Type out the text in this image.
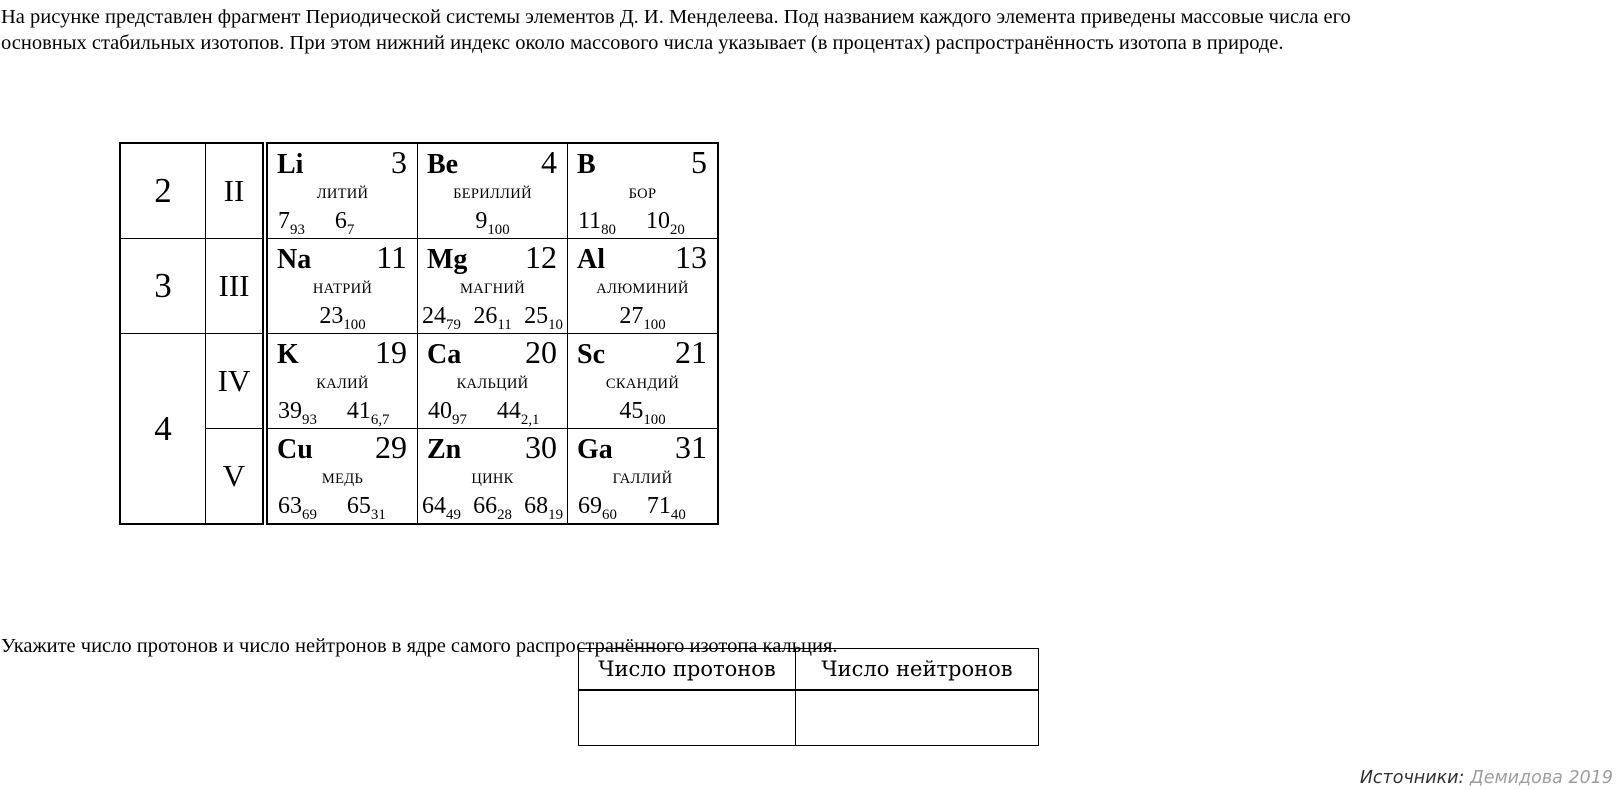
На рисунке представлен фрагмент Периодической системы элементов Д. И. Менделеева. Под названием каждого элемента приведены массовые числа его
основных стабильных изотопов. При этом нижний индекс около массового числа указывает (в процентах) распространённость изотопа в природе.
2	II	
Li	3
ЛИТИЙ
$7_{93}$ $6_7$

Be	4
БЕРИЛЛИЙ
$9_{100}$

B	5
БОР
$11_{80}$ $10_{20}$

3	III	
Na 11
НАТРИЙ
$23_{100}$

Mg 12
МАГНИЙ
$24_{79}$ $26_{11}$ $25_{10}$

Al 13
АЛЮМИНИЙ
$27_{100}$

4	IV	
K 19
КАЛИЙ
$39_{93}$ $41_{6,7}$

Ca 20
КАЛЬЦИЙ
$40_{97}$ $44_{2,1}$

Sc 21
СКАНДИЙ
$45_{100}$

V	
Cu 29
МЕДЬ
$63_{69}$ $65_{31}$

Zn 30
ЦИНК
$64_{49}$ $66_{28}$ $68_{19}$

Ga 31
ГАЛЛИЙ
$69_{60}$ $71_{40}$
Укажите число протонов и число нейтронов в ядре самого распространённого изотопа кальция.
Число протонов	Число нейтронов

Источники: Демидова 2019
